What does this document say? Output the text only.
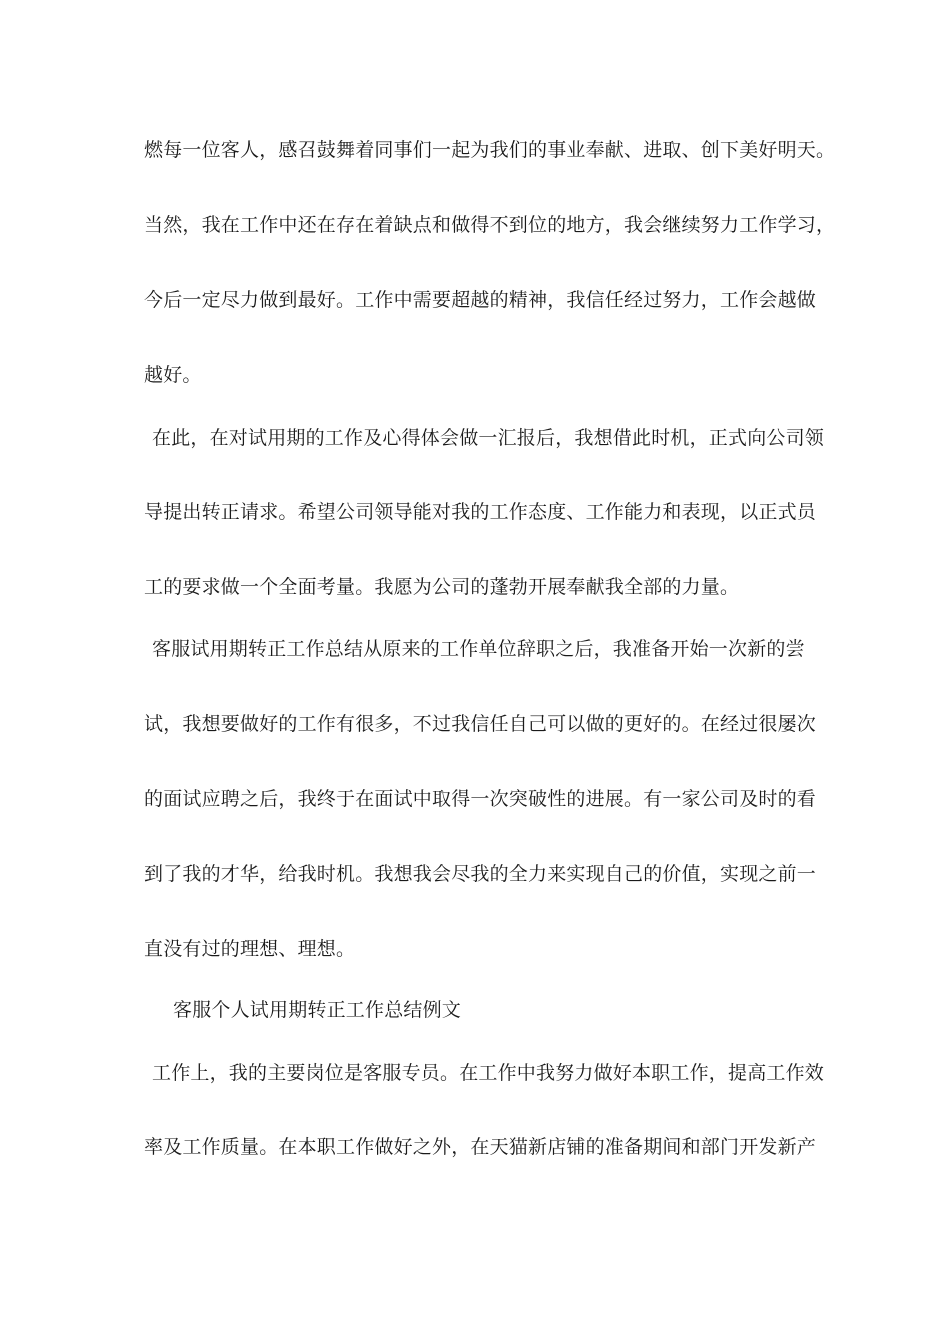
燃每一位客人，感召鼓舞着同事们一起为我们的事业奉献、进取、创下美好明天。

当然，我在工作中还在存在着缺点和做得不到位的地方，我会继续努力工作学习，

今后一定尽力做到最好。工作中需要超越的精神，我信任经过努力，工作会越做

越好。

在此，在对试用期的工作及心得体会做一汇报后，我想借此时机，正式向公司领

导提出转正请求。希望公司领导能对我的工作态度、工作能力和表现，以正式员

工的要求做一个全面考量。我愿为公司的蓬勃开展奉献我全部的力量。

客服试用期转正工作总结从原来的工作单位辞职之后，我准备开始一次新的尝

试，我想要做好的工作有很多，不过我信任自己可以做的更好的。在经过很屡次

的面试应聘之后，我终于在面试中取得一次突破性的进展。有一家公司及时的看

到了我的才华，给我时机。我想我会尽我的全力来实现自己的价值，实现之前一

直没有过的理想、理想。

客服个人试用期转正工作总结例文

工作上，我的主要岗位是客服专员。在工作中我努力做好本职工作，提高工作效

率及工作质量。在本职工作做好之外，在天猫新店铺的准备期间和部门开发新产
